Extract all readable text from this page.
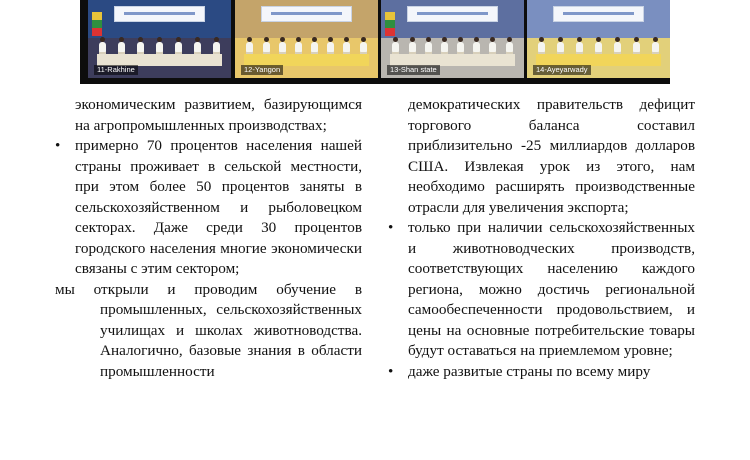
11-Rakhine	12-Yangon	13-Shan state	14-Ayeyarwady

экономическим развитием, базирующимся на агропромышленных производствах;

• примерно 70 процентов населения нашей страны проживает в сельской местности, при этом более 50 процентов заняты в сельскохозяйственном и рыболовецком секторах. Даже среди 30 процентов городского населения многие экономически связаны с этим сектором;

мы открыли и проводим обучение в промышленных, сельскохозяйственных училищах и школах животноводства. Аналогично, базовые знания в области промышленности

демократических правительств дефицит торгового баланса составил приблизительно -25 миллиардов долларов США. Извлекая урок из этого, нам необходимо расширять производственные отрасли для увеличения экспорта;

• только при наличии сельскохозяйственных и животноводческих производств, соответствующих населению каждого региона, можно достичь региональной самообеспеченности продовольствием, и цены на основные потребительские товары будут оставаться на приемлемом уровне;

• даже развитые страны по всему миру
